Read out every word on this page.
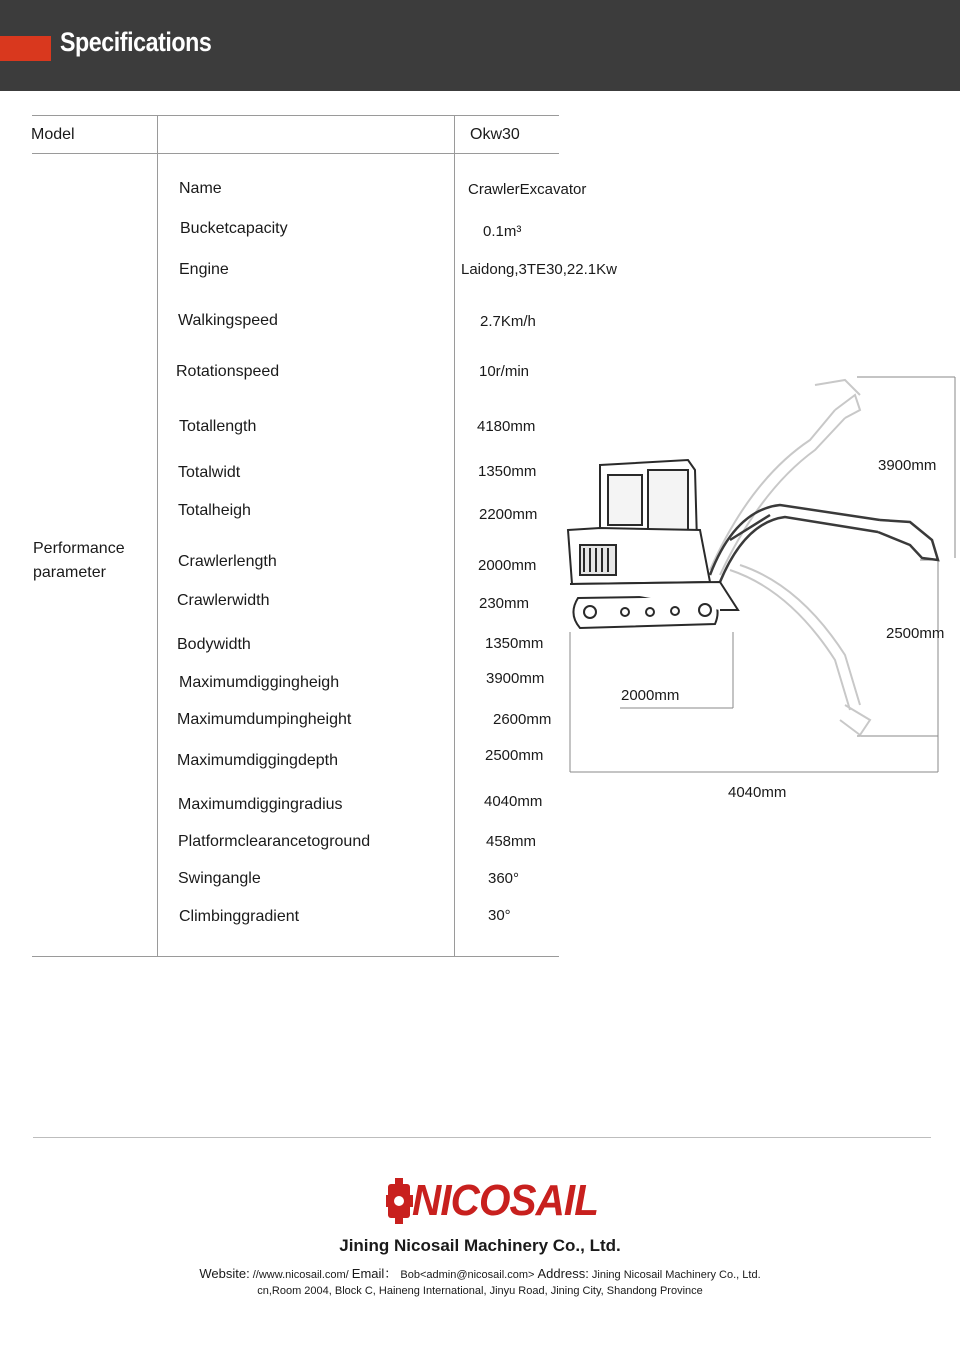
Specifications
Model	Okw30
Performance
parameter
Name	CrawlerExcavator
Bucketcapacity	0.1m³
Engine	Laidong,3TE30,22.1Kw
Walkingspeed	2.7Km/h
Rotationspeed	10r/min
Totallength	4180mm
Totalwidt	1350mm
Totalheigh	2200mm
Crawlerlength	2000mm
Crawlerwidth	230mm
Bodywidth	1350mm
Maximumdiggingheigh	3900mm
Maximumdumpingheight	2600mm
Maximumdiggingdepth	2500mm
Maximumdiggingradius	4040mm
Platformclearancetoground	458mm
Swingangle	360°
Climbinggradient	30°
3900mm
2500mm
2000mm
4040mm
NICOSAIL
Jining Nicosail Machinery Co., Ltd.
Website: //www.nicosail.com/ Email： Bob<admin@nicosail.com> Address: Jining Nicosail Machinery Co., Ltd.
cn,Room 2004, Block C, Haineng International, Jinyu Road, Jining City, Shandong Province
